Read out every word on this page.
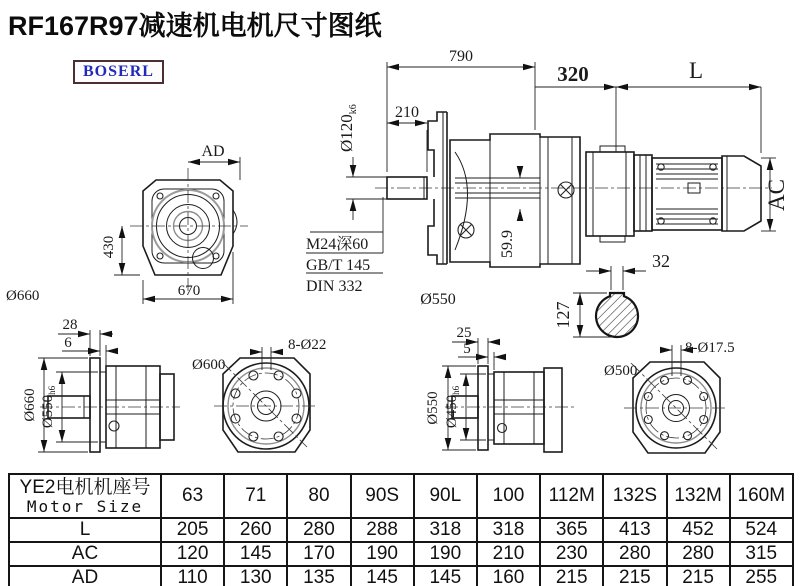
RF167R97减速机电机尺寸图纸
BOSERL
AD
430
670
790
210
$Ø120_{k6}$
M24深60
GB/T 145
DIN 332
59.9
Ø550
320	L
AC
32
127
Ø660
28
6
Ø660 $Ø550_{h6}$
Ø600
8-Ø22
25
5
Ø550 $Ø450_{h6}$
Ø500
8-Ø17.5
YE2电机机座号
Motor Size	63	71	80	90S	90L	100	112M	132S	132M	160M
L	205	260	280	288	318	318	365	413	452	524
AC	120	145	170	190	190	210	230	280	280	315
AD	110	130	135	145	145	160	215	215	215	255
